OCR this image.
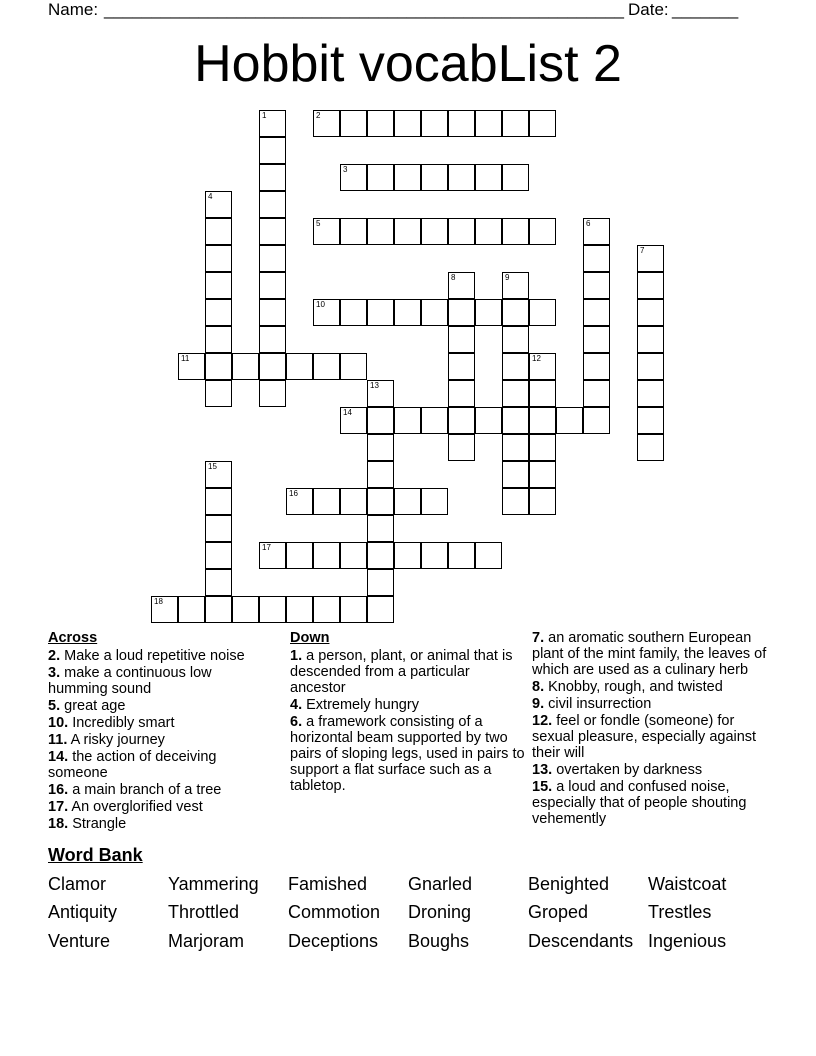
Name: _______________________________________________________ Date: _______
Hobbit vocabList 2
1	2
3
4
5	6
7
8	9
10
11	12
13
14
15
16
17
18
Across
2. Make a loud repetitive noise
3. make a continuous low humming sound
5. great age
10. Incredibly smart
11. A risky journey
14. the action of deceiving someone
16. a main branch of a tree
17. An overglorified vest
18. Strangle
Down
1. a person, plant, or animal that is descended from a particular ancestor
4. Extremely hungry
6. a framework consisting of a horizontal beam supported by two pairs of sloping legs, used in pairs to support a flat surface such as a tabletop.
7. an aromatic southern European plant of the mint family, the leaves of which are used as a culinary herb
8. Knobby, rough, and twisted
9. civil insurrection
12. feel or fondle (someone) for sexual pleasure, especially against their will
13. overtaken by darkness
15. a loud and confused noise, especially that of people shouting vehemently
Word Bank
Clamor	Yammering Famished Gnarled	Benighted Waistcoat
Antiquity	Throttled	Commotion Droning	Groped	Trestles
Venture	Marjoram Deceptions Boughs	Descendants Ingenious
